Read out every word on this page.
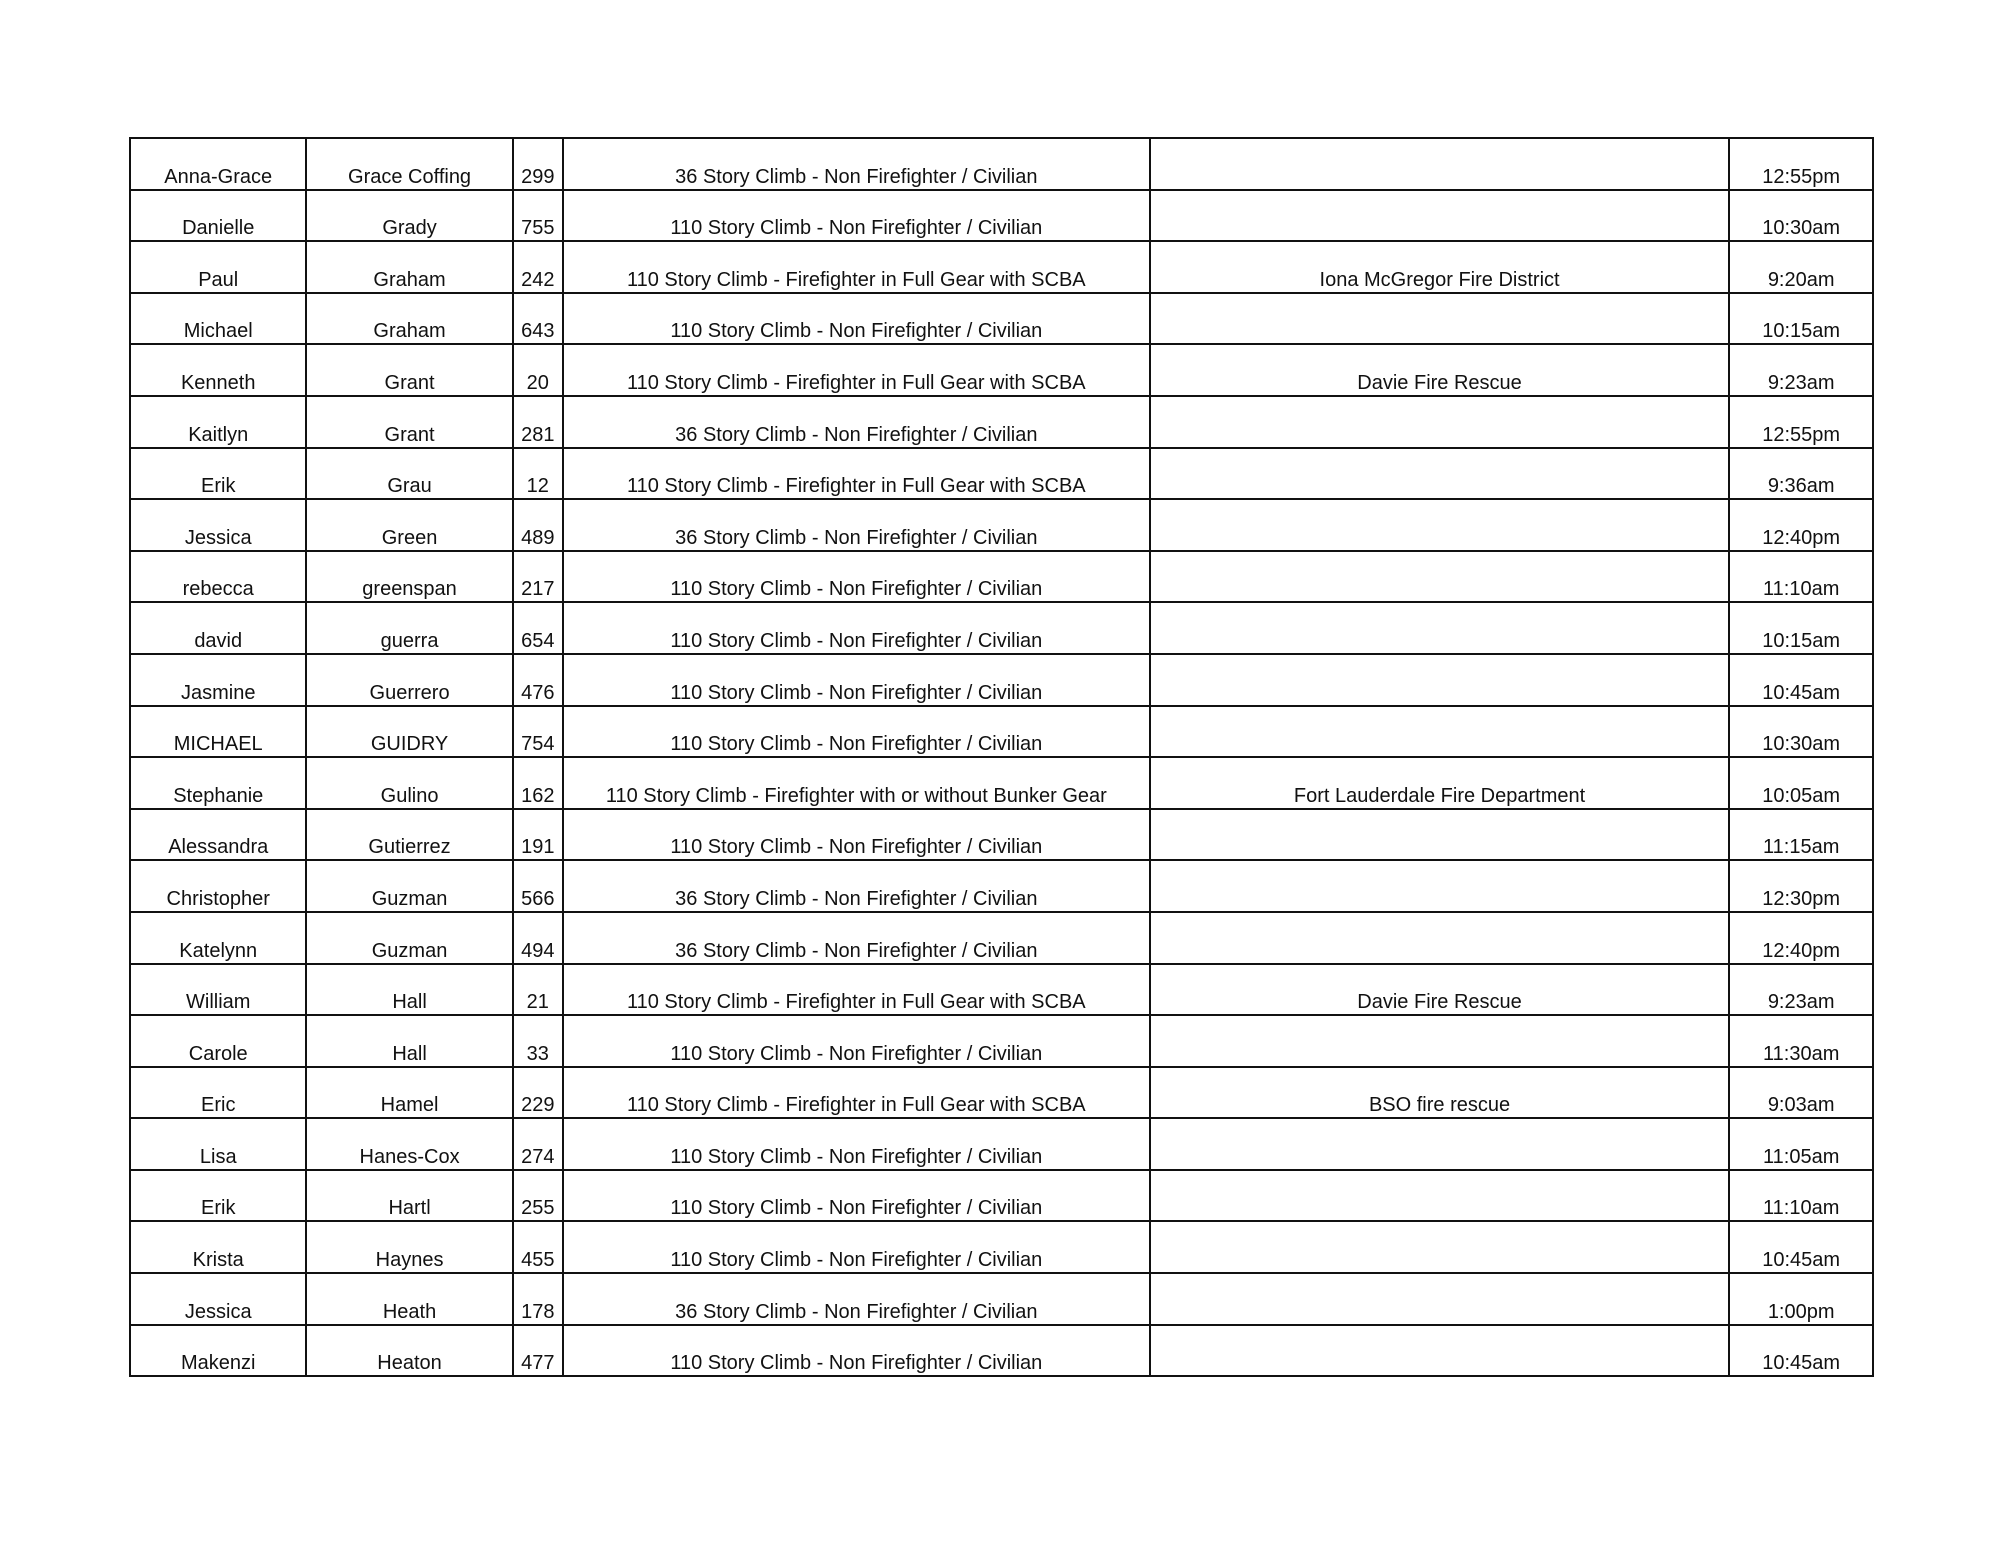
Anna-Grace	Grace Coffing	299	36 Story Climb - Non Firefighter / Civilian		12:55pm
Danielle	Grady	755	110 Story Climb - Non Firefighter / Civilian		10:30am
Paul	Graham	242	110 Story Climb - Firefighter in Full Gear with SCBA	Iona McGregor Fire District	9:20am
Michael	Graham	643	110 Story Climb - Non Firefighter / Civilian		10:15am
Kenneth	Grant	20	110 Story Climb - Firefighter in Full Gear with SCBA	Davie Fire Rescue	9:23am
Kaitlyn	Grant	281	36 Story Climb - Non Firefighter / Civilian		12:55pm
Erik	Grau	12	110 Story Climb - Firefighter in Full Gear with SCBA		9:36am
Jessica	Green	489	36 Story Climb - Non Firefighter / Civilian		12:40pm
rebecca	greenspan	217	110 Story Climb - Non Firefighter / Civilian		11:10am
david	guerra	654	110 Story Climb - Non Firefighter / Civilian		10:15am
Jasmine	Guerrero	476	110 Story Climb - Non Firefighter / Civilian		10:45am
MICHAEL	GUIDRY	754	110 Story Climb - Non Firefighter / Civilian		10:30am
Stephanie	Gulino	162	110 Story Climb - Firefighter with or without Bunker Gear	Fort Lauderdale Fire Department	10:05am
Alessandra	Gutierrez	191	110 Story Climb - Non Firefighter / Civilian		11:15am
Christopher	Guzman	566	36 Story Climb - Non Firefighter / Civilian		12:30pm
Katelynn	Guzman	494	36 Story Climb - Non Firefighter / Civilian		12:40pm
William	Hall	21	110 Story Climb - Firefighter in Full Gear with SCBA	Davie Fire Rescue	9:23am
Carole	Hall	33	110 Story Climb - Non Firefighter / Civilian		11:30am
Eric	Hamel	229	110 Story Climb - Firefighter in Full Gear with SCBA	BSO fire rescue	9:03am
Lisa	Hanes-Cox	274	110 Story Climb - Non Firefighter / Civilian		11:05am
Erik	Hartl	255	110 Story Climb - Non Firefighter / Civilian		11:10am
Krista	Haynes	455	110 Story Climb - Non Firefighter / Civilian		10:45am
Jessica	Heath	178	36 Story Climb - Non Firefighter / Civilian		1:00pm
Makenzi	Heaton	477	110 Story Climb - Non Firefighter / Civilian		10:45am
